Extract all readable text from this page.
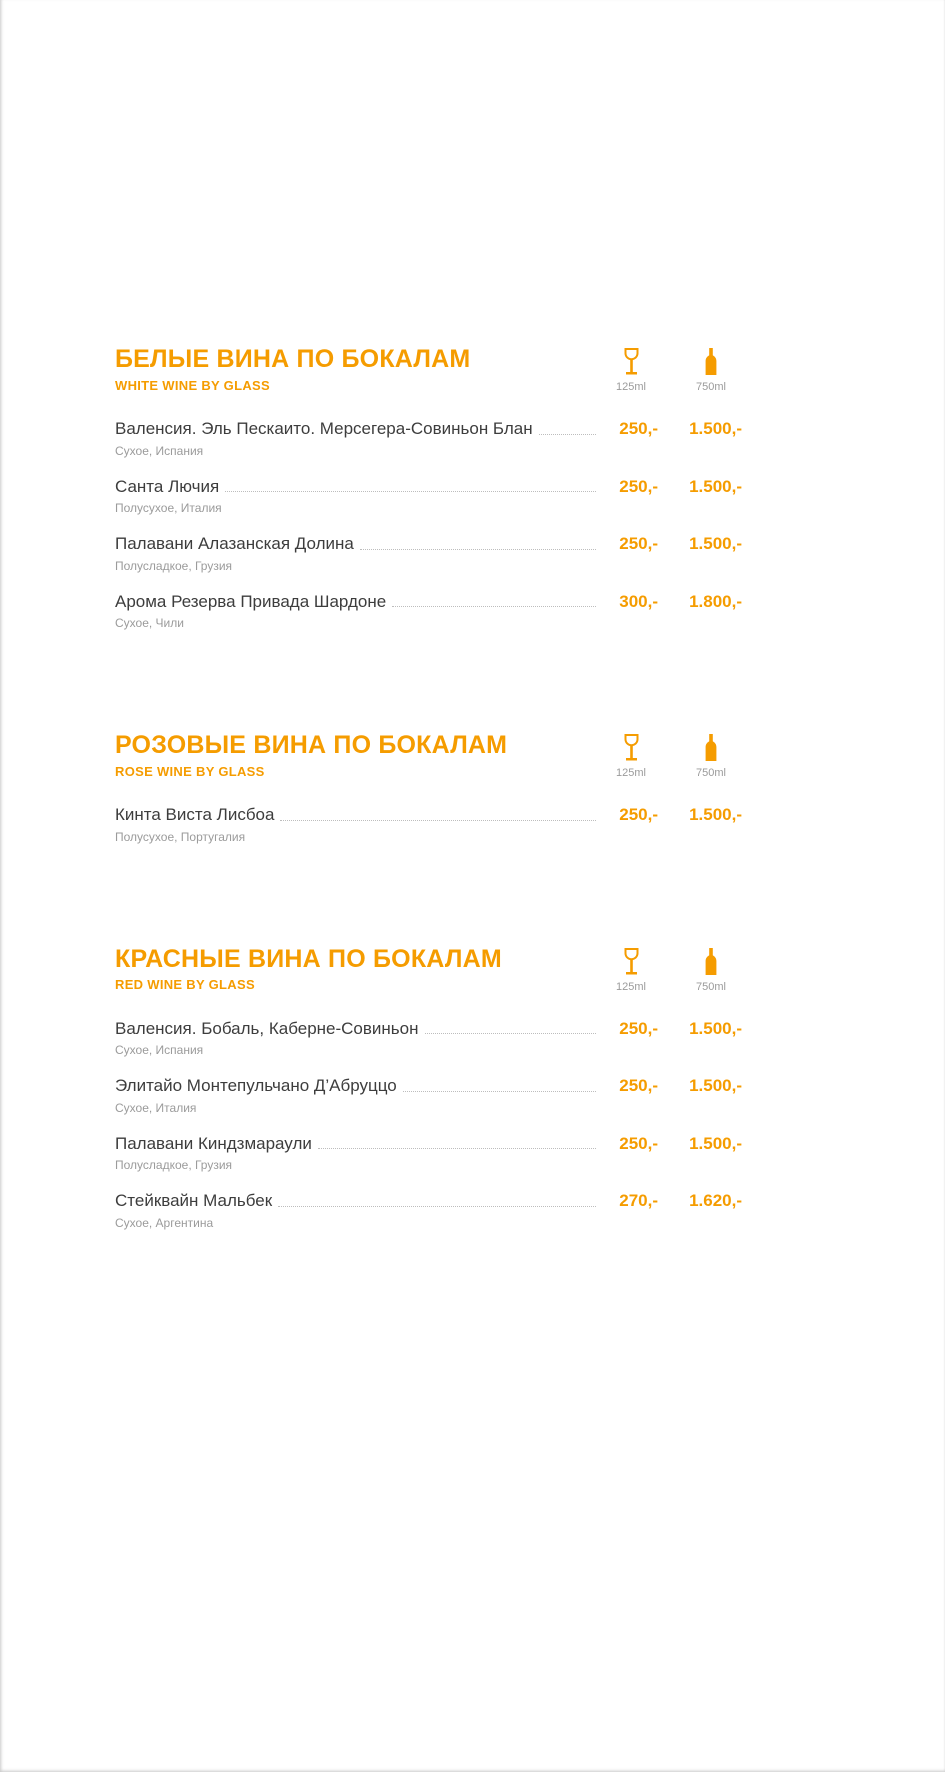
БЕЛЫЕ ВИНА ПО БОКАЛАМ
WHITE WINE BY GLASS	125ml	750ml
Валенсия. Эль Пескаито. Мерсегера-Совиньон Блан	250,-	1.500,-
Сухое, Испания
Санта Лючия	250,-	1.500,-
Полусухое, Италия
Палавани Алазанская Долина	250,-	1.500,-
Полусладкое, Грузия
Арома Резерва Привада Шардоне	300,-	1.800,-
Сухое, Чили
РОЗОВЫЕ ВИНА ПО БОКАЛАМ
ROSE WINE BY GLASS	125ml	750ml
Кинта Виста Лисбоа	250,-	1.500,-
Полусухое, Португалия
КРАСНЫЕ ВИНА ПО БОКАЛАМ
RED WINE BY GLASS	125ml	750ml
Валенсия. Бобаль, Каберне-Совиньон	250,-	1.500,-
Сухое, Испания
Элитайо Монтепульчано Д’Абруццо	250,-	1.500,-
Сухое, Италия
Палавани Киндзмараули	250,-	1.500,-
Полусладкое, Грузия
Стейквайн Мальбек	270,-	1.620,-
Сухое, Аргентина
